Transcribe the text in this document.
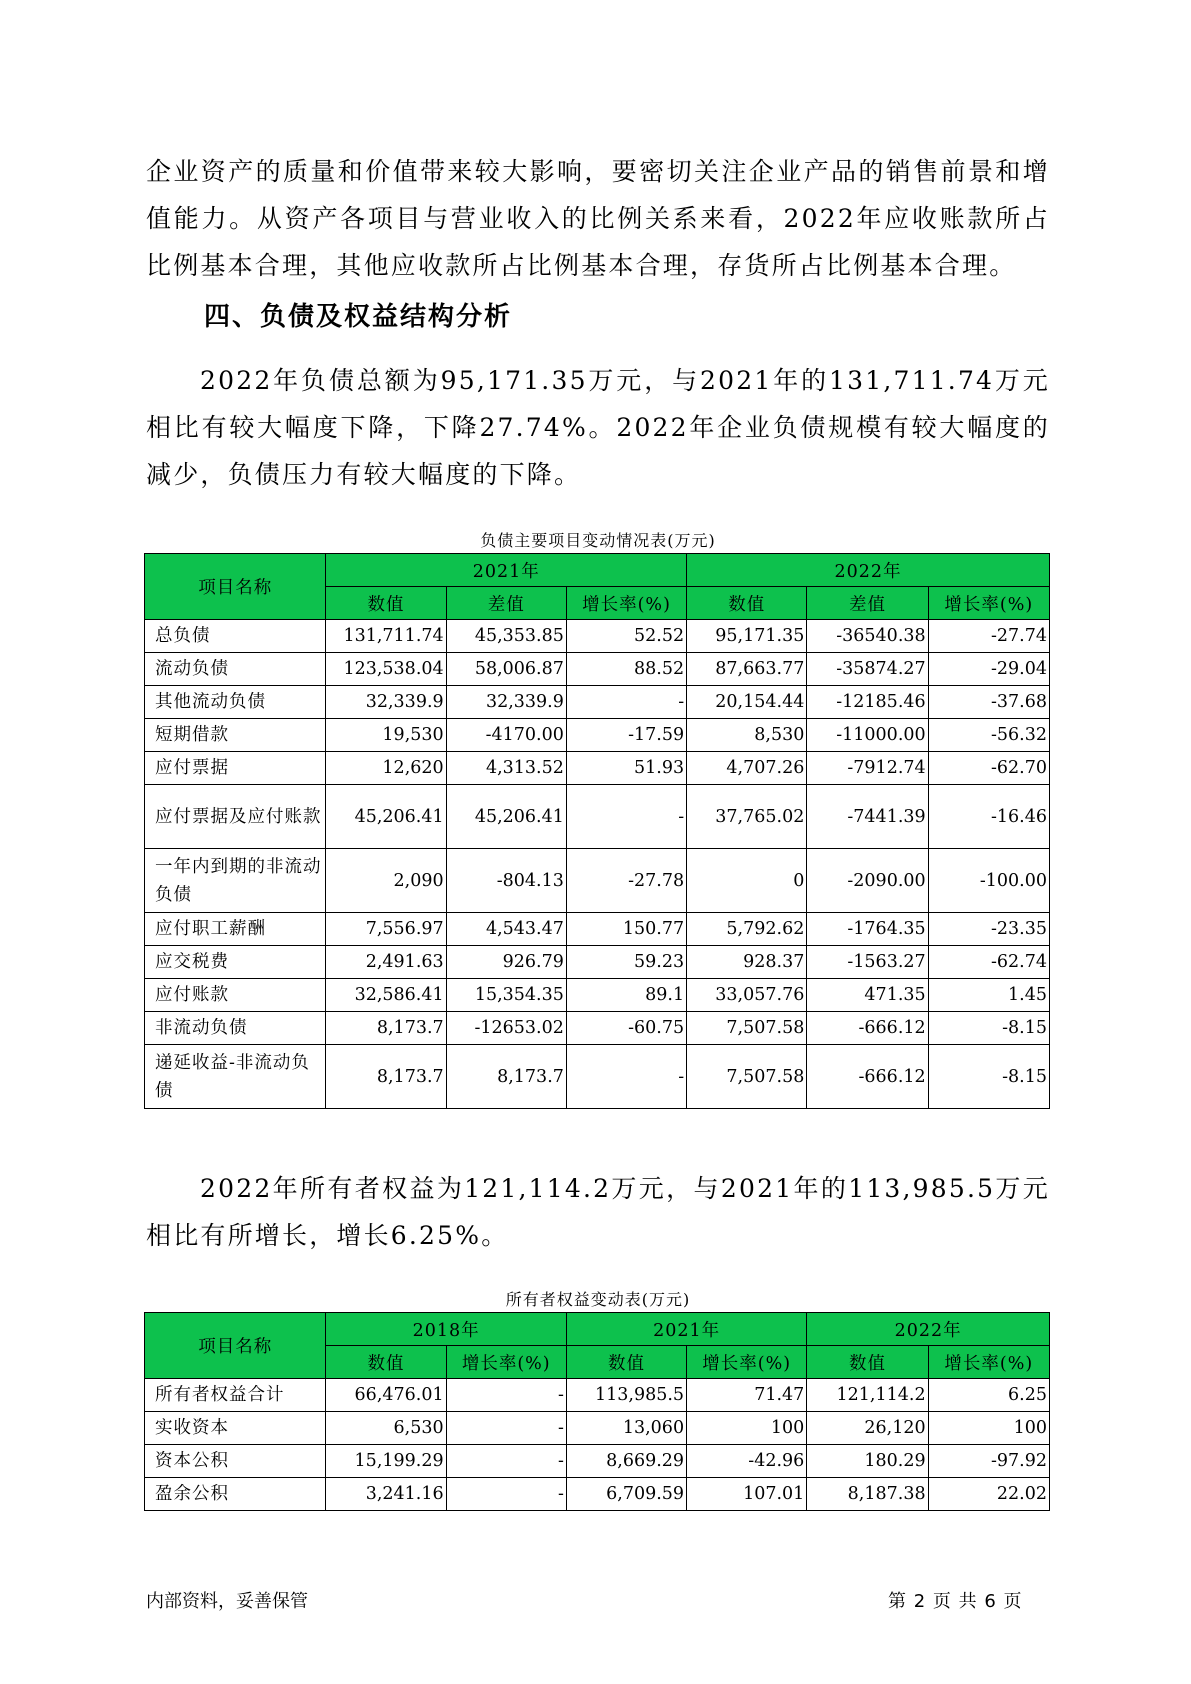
企业资产的质量和价值带来较大影响，要密切关注企业产品的销售前景和增值能力。从资产各项目与营业收入的比例关系来看，2022年应收账款所占比例基本合理，其他应收款所占比例基本合理，存货所占比例基本合理。

四、负债及权益结构分析

2022年负债总额为95,171.35万元，与2021年的131,711.74万元相比有较大幅度下降，下降27.74%。2022年企业负债规模有较大幅度的减少，负债压力有较大幅度的下降。

负债主要项目变动情况表(万元)
项目名称	2021年			2022年		
	数值	差值	增长率(%)	数值	差值	增长率(%)
总负债	131,711.74	45,353.85	52.52	95,171.35	-36540.38	-27.74
流动负债	123,538.04	58,006.87	88.52	87,663.77	-35874.27	-29.04
其他流动负债	32,339.9	32,339.9	-	20,154.44	-12185.46	-37.68
短期借款	19,530	-4170.00	-17.59	8,530	-11000.00	-56.32
应付票据	12,620	4,313.52	51.93	4,707.26	-7912.74	-62.70
应付票据及应付账款	45,206.41	45,206.41	-	37,765.02	-7441.39	-16.46
一年内到期的非流动负债	2,090	-804.13	-27.78	0	-2090.00	-100.00
应付职工薪酬	7,556.97	4,543.47	150.77	5,792.62	-1764.35	-23.35
应交税费	2,491.63	926.79	59.23	928.37	-1563.27	-62.74
应付账款	32,586.41	15,354.35	89.1	33,057.76	471.35	1.45
非流动负债	8,173.7	-12653.02	-60.75	7,507.58	-666.12	-8.15
递延收益-非流动负债	8,173.7	8,173.7	-	7,507.58	-666.12	-8.15

2022年所有者权益为121,114.2万元，与2021年的113,985.5万元相比有所增长，增长6.25%。

所有者权益变动表(万元)
项目名称	2018年		2021年		2022年	
	数值	增长率(%)	数值	增长率(%)	数值	增长率(%)
所有者权益合计	66,476.01	-	113,985.5	71.47	121,114.2	6.25
实收资本	6,530	-	13,060	100	26,120	100
资本公积	15,199.29	-	8,669.29	-42.96	180.29	-97.92
盈余公积	3,241.16	-	6,709.59	107.01	8,187.38	22.02
内部资料，妥善保管	第 2 页 共 6 页
